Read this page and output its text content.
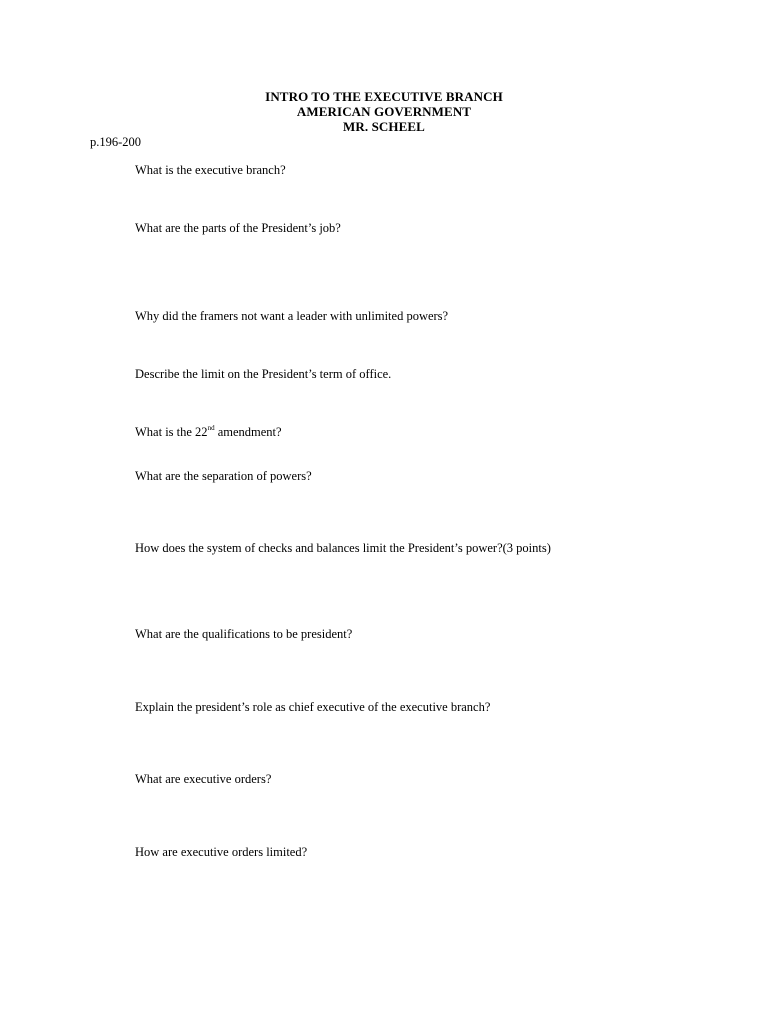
INTRO TO THE EXECUTIVE BRANCH
AMERICAN GOVERNMENT
MR. SCHEEL
p.196-200
What is the executive branch?
What are the parts of the President’s job?
Why did the framers not want a leader with unlimited powers?
Describe the limit on the President’s term of office.
What is the 22nd amendment?
What are the separation of powers?
How does the system of checks and balances limit the President’s power?(3 points)
What are the qualifications to be president?
Explain the president’s role as chief executive of the executive branch?
What are executive orders?
How are executive orders limited?
